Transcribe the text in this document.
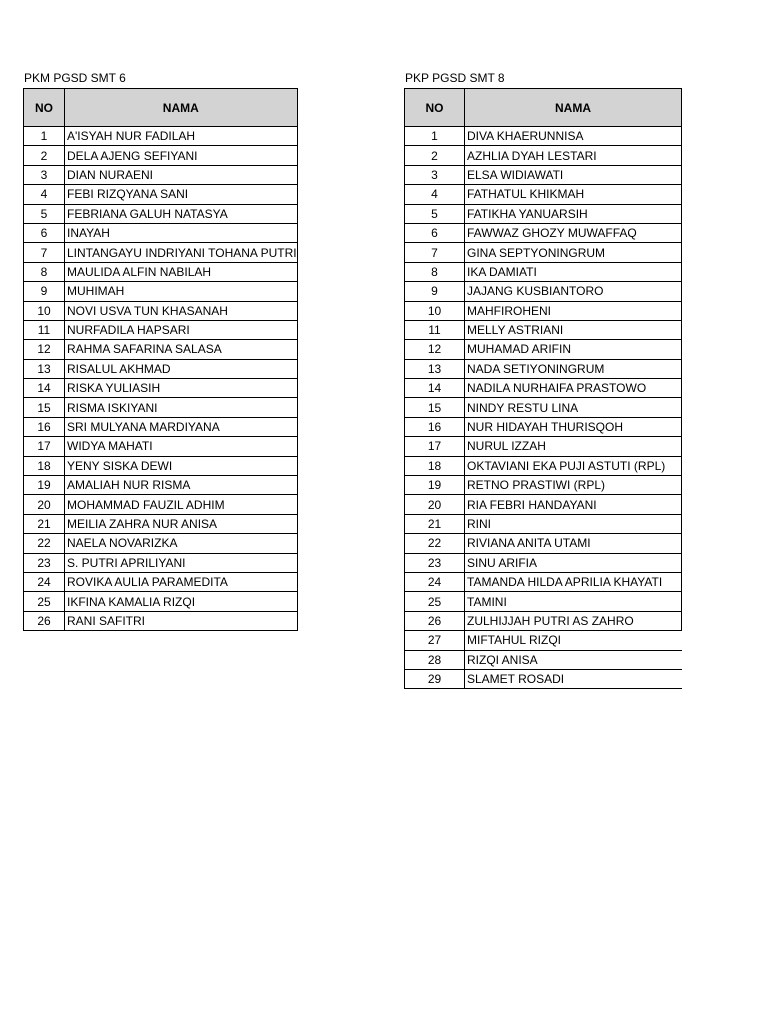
PKM PGSD SMT 6
NO	NAMA
1	A'ISYAH NUR FADILAH
2	DELA AJENG SEFIYANI
3	DIAN NURAENI
4	FEBI RIZQYANA SANI
5	FEBRIANA GALUH NATASYA
6	INAYAH
7	LINTANGAYU INDRIYANI TOHANA PUTRI
8	MAULIDA ALFIN NABILAH
9	MUHIMAH
10	NOVI USVA TUN KHASANAH
11	NURFADILA HAPSARI
12	RAHMA SAFARINA SALASA
13	RISALUL AKHMAD
14	RISKA YULIASIH
15	RISMA ISKIYANI
16	SRI MULYANA MARDIYANA
17	WIDYA MAHATI
18	YENY SISKA DEWI
19	AMALIAH NUR RISMA
20	MOHAMMAD FAUZIL ADHIM
21	MEILIA ZAHRA NUR ANISA
22	NAELA NOVARIZKA
23	S. PUTRI APRILIYANI
24	ROVIKA AULIA PARAMEDITA
25	IKFINA KAMALIA RIZQI
26	RANI SAFITRI
PKP PGSD SMT 8
NO	NAMA
1	DIVA KHAERUNNISA
2	AZHLIA DYAH LESTARI
3	ELSA WIDIAWATI
4	FATHATUL KHIKMAH
5	FATIKHA YANUARSIH
6	FAWWAZ GHOZY MUWAFFAQ
7	GINA SEPTYONINGRUM
8	IKA DAMIATI
9	JAJANG KUSBIANTORO
10	MAHFIROHENI
11	MELLY ASTRIANI
12	MUHAMAD ARIFIN
13	NADA SETIYONINGRUM
14	NADILA NURHAIFA PRASTOWO
15	NINDY RESTU LINA
16	NUR HIDAYAH THURISQOH
17	NURUL IZZAH
18	OKTAVIANI EKA PUJI ASTUTI (RPL)
19	RETNO PRASTIWI (RPL)
20	RIA FEBRI HANDAYANI
21	RINI
22	RIVIANA ANITA UTAMI
23	SINU ARIFIA
24	TAMANDA HILDA APRILIA KHAYATI
25	TAMINI
26	ZULHIJJAH PUTRI AS ZAHRO
27	MIFTAHUL RIZQI
28	RIZQI ANISA
29	SLAMET ROSADI
